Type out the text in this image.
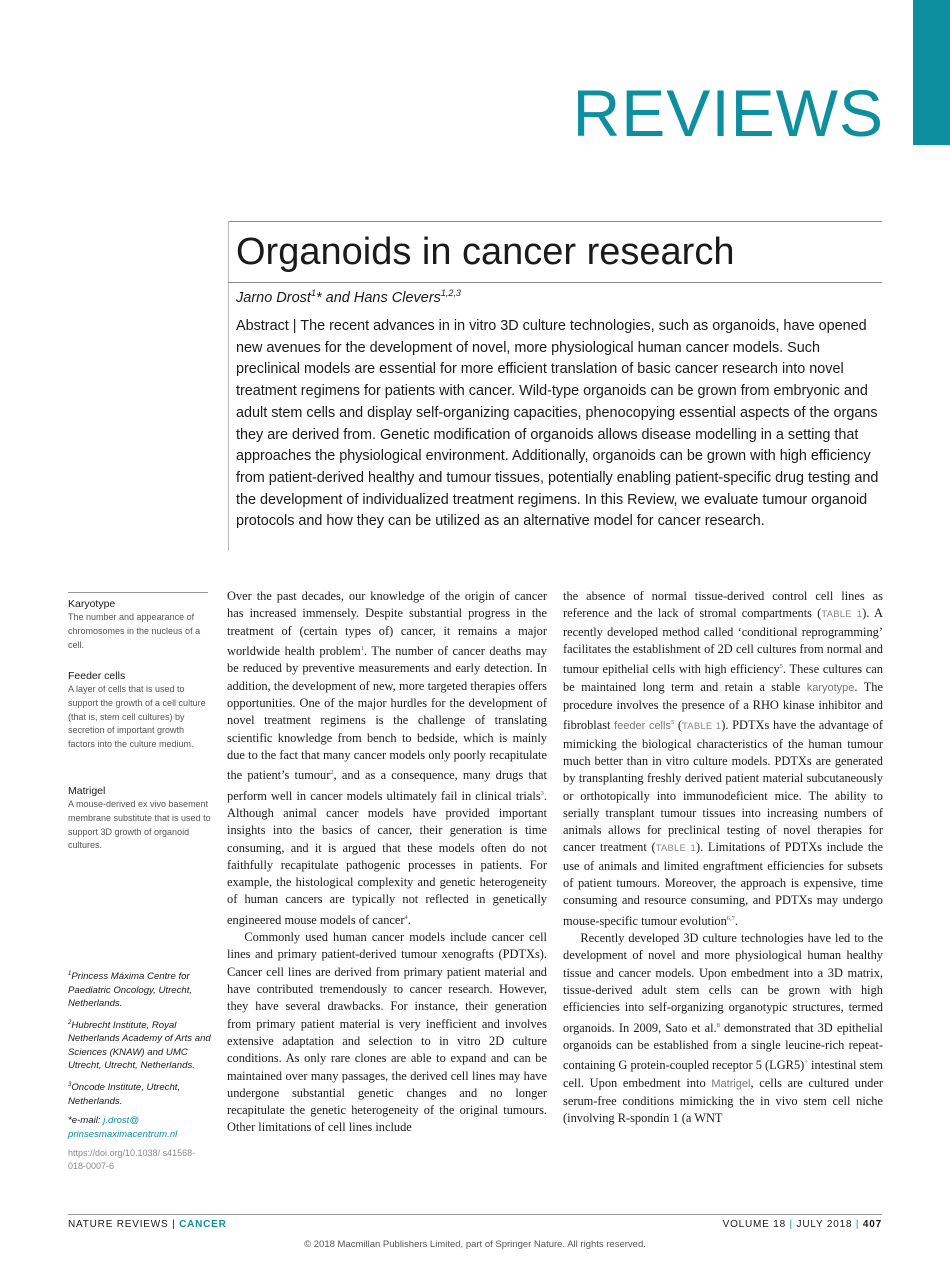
REVIEWS
Organoids in cancer research
Jarno Drost$^1$* and Hans Clevers$^{1,2,3}$
Abstract | The recent advances in in vitro 3D culture technologies, such as organoids, have opened new avenues for the development of novel, more physiological human cancer models. Such preclinical models are essential for more efficient translation of basic cancer research into novel treatment regimens for patients with cancer. Wild-type organoids can be grown from embryonic and adult stem cells and display self-organizing capacities, phenocopying essential aspects of the organs they are derived from. Genetic modification of organoids allows disease modelling in a setting that approaches the physiological environment. Additionally, organoids can be grown with high efficiency from patient-derived healthy and tumour tissues, potentially enabling patient-specific drug testing and the development of individualized treatment regimens. In this Review, we evaluate tumour organoid protocols and how they can be utilized as an alternative model for cancer research.
Karyotype
The number and appearance of chromosomes in the nucleus of a cell.
Feeder cells
A layer of cells that is used to support the growth of a cell culture (that is, stem cell cultures) by secretion of important growth factors into the culture medium.
Matrigel
A mouse-derived ex vivo basement membrane substitute that is used to support 3D growth of organoid cultures.

$^1$Princess Máxima Centre for Paediatric Oncology, Utrecht, Netherlands.

$^2$Hubrecht Institute, Royal Netherlands Academy of Arts and Sciences (KNAW) and UMC Utrecht, Utrecht, Netherlands.

$^3$Oncode Institute, Utrecht, Netherlands.

*e-mail: j.drost@ prinsesmaximacentrum.nl

https://doi.org/10.1038/ s41568-018-0007-6

Over the past decades, our knowledge of the origin of cancer has increased immensely. Despite substantial progress in the treatment of (certain types of) cancer, it remains a major worldwide health problem$^1$. The number of cancer deaths may be reduced by preventive measurements and early detection. In addition, the development of new, more targeted therapies offers opportunities. One of the major hurdles for the development of novel treatment regimens is the challenge of translating scientific knowledge from bench to bedside, which is mainly due to the fact that many cancer models only poorly recapitulate the patient’s tumour$^2$, and as a consequence, many drugs that perform well in cancer models ultimately fail in clinical trials$^3$. Although animal cancer models have provided important insights into the basics of cancer, their generation is time consuming, and it is argued that these models often do not faithfully recapitulate pathogenic processes in patients. For example, the histological complexity and genetic heterogeneity of human cancers are typically not reflected in genetically engineered mouse models of cancer$^4$.

Commonly used human cancer models include cancer cell lines and primary patient-derived tumour xenografts (PDTXs). Cancer cell lines are derived from primary patient material and have contributed tremendously to cancer research. However, they have several drawbacks. For instance, their generation from primary patient material is very inefficient and involves extensive adaptation and selection to in vitro 2D culture conditions. As only rare clones are able to expand and can be maintained over many passages, the derived cell lines may have undergone substantial genetic changes and no longer recapitulate the genetic heterogeneity of the original tumours. Other limitations of cell lines include

the absence of normal tissue-derived control cell lines as reference and the lack of stromal compartments (TABLE 1). A recently developed method called ‘conditional reprogramming’ facilitates the establishment of 2D cell cultures from normal and tumour epithelial cells with high efficiency$^5$. These cultures can be maintained long term and retain a stable karyotype. The procedure involves the presence of a RHO kinase inhibitor and fibroblast feeder cells$^5$ (TABLE 1). PDTXs have the advantage of mimicking the biological characteristics of the human tumour much better than in vitro culture models. PDTXs are generated by transplanting freshly derived patient material subcutaneously or orthotopically into immunodeficient mice. The ability to serially transplant tumour tissues into increasing numbers of animals allows for preclinical testing of novel therapies for cancer treatment (TABLE 1). Limitations of PDTXs include the use of animals and limited engraftment efficiencies for subsets of patient tumours. Moreover, the approach is expensive, time consuming and resource consuming, and PDTXs may undergo mouse-specific tumour evolution$^{6,7}$.

Recently developed 3D culture technologies have led to the development of novel and more physiological human healthy tissue and cancer models. Upon embedment into a 3D matrix, tissue-derived adult stem cells can be grown with high efficiencies into self-organizing organotypic structures, termed organoids. In 2009, Sato et al.$^8$ demonstrated that 3D epithelial organoids can be established from a single leucine-rich repeat-containing G protein-coupled receptor 5 (LGR5)+ intestinal stem cell. Upon embedment into Matrigel, cells are cultured under serum-free conditions mimicking the in vivo stem cell niche (involving R-spondin 1 (a WNT

NATURE REVIEWS | CANCER	VOLUME 18 | JULY 2018 | 407
© 2018 Macmillan Publishers Limited, part of Springer Nature. All rights reserved.
